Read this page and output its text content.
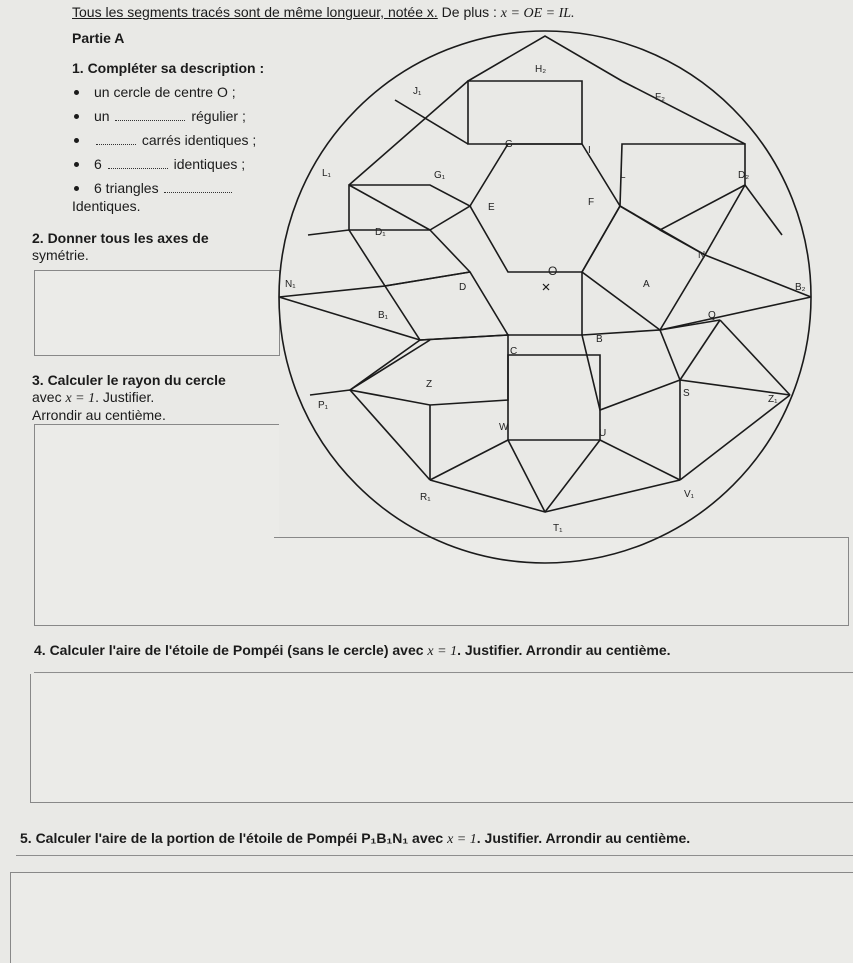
Tous les segments tracés sont de même longueur, notée x. De plus : x = OE = IL.
Partie A
1. Compléter sa description :
un cercle de centre O ;
un	régulier ;
carrés identiques ;
6	identiques ;
6 triangles
Identiques.
2. Donner tous les axes de
symétrie.
3. Calculer le rayon du cercle
avec x = 1. Justifier.
Arrondir au centième.
4. Calculer l'aire de l'étoile de Pompéi (sans le cercle) avec x = 1. Justifier. Arrondir au centième.
5. Calculer l'aire de la portion de l'étoile de Pompéi P₁B₁N₁ avec x = 1. Justifier. Arrondir au centième.
O
H₂
J₁
F₂
G
I
L₁	G₁	L	D₂
E	F
D₁
N
N₁	D	A	B₂
B₁	Q
C
B
Z
P₁
S
Z₁
W
U
R₁	V₁
T₁
